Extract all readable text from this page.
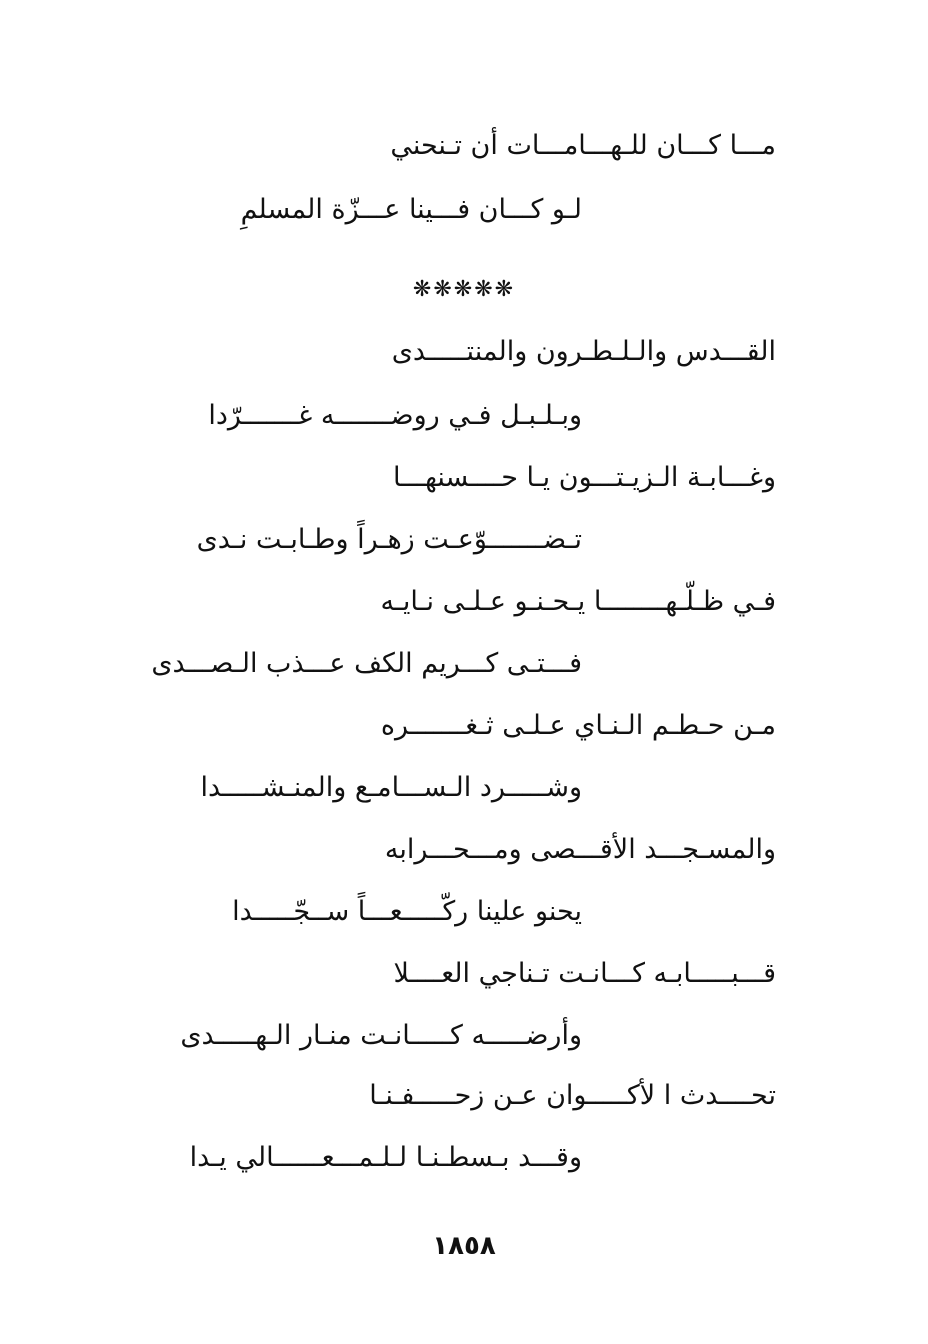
مـــا كـــان للـهـــامـــات أن تـنحني
لـو كـــان فـــينا عـــزّة المسلمِ
❋❋❋❋❋
القـــدس والـلـطـرون والمنتـــــدى
وبـلـبـل فـي روضـــــــه غـــــــرّدا
وغـــابـة الـزيـتـــون يـا حــــسنهـــا
تـضـــــــوّعـت زهـراً وطـابـت نـدى
فـي ظـلّـهــــــــا يـحـنـو عـلـى نـايـه
فـــتـى كـــريم الكف عـــذب الـصـــدى
مـن حـطـم الـنـاي عـلـى ثـغـــــــره
وشـــــرد الـســـامـع والمنـشـــــدا
والمسـجـــد الأقـــصى ومـــحـــرابه
يحنو علينا ركّـــــعـــاً ســجّـــــدا
قـــبـــــابـه كـــانـت تـناجي العــــلا
وأرضـــــه كـــــانـت منـار الـهـــــدى
تحــــدث ا لأكـــــوان عـن زحـــــفـنـا
وقـــد بـسطـنـا لـلـمـــعــــــالي يـدا
١٨٥٨
